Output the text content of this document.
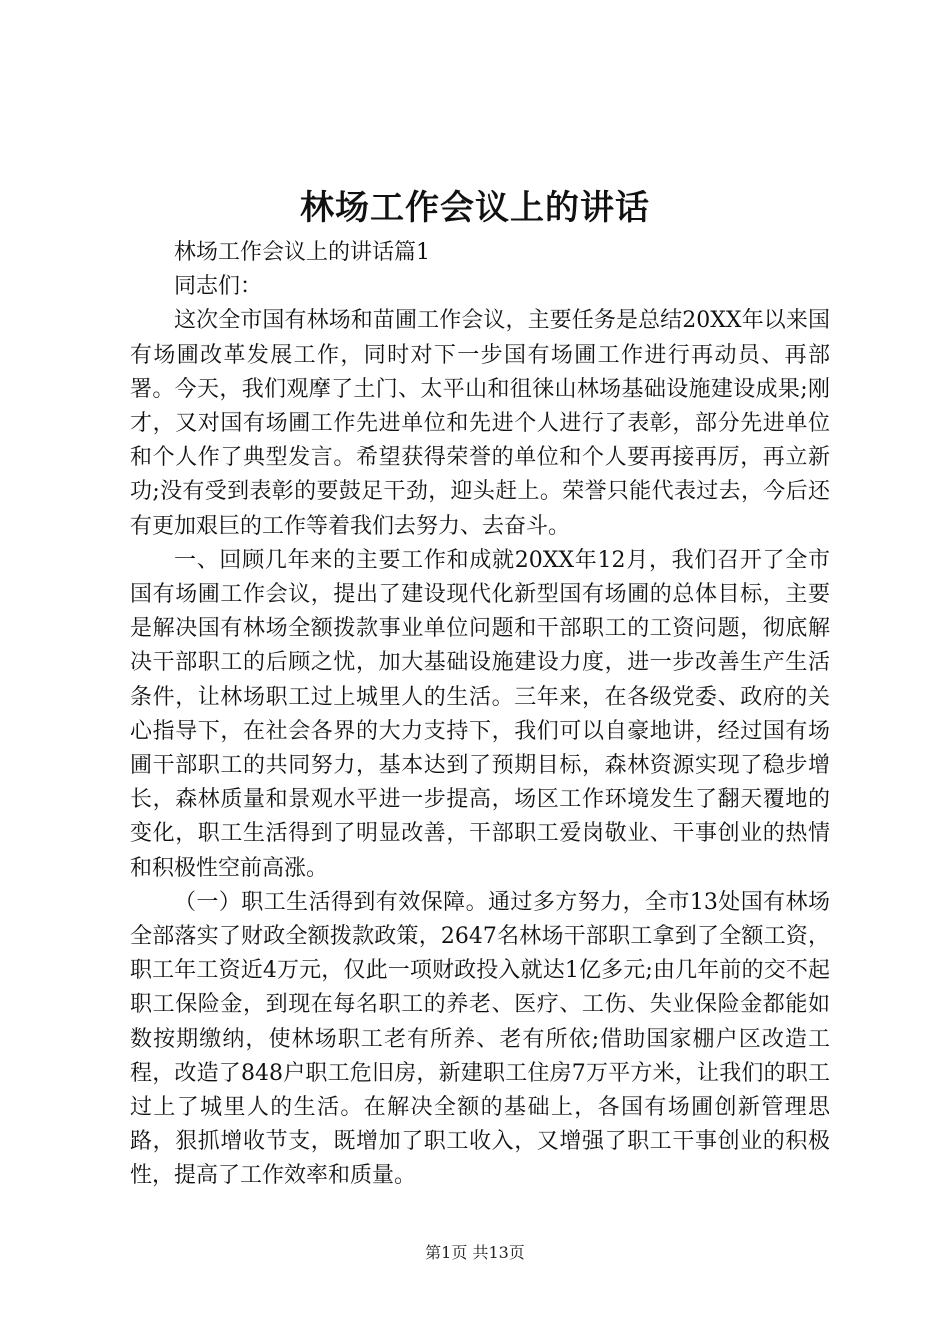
林场工作会议上的讲话

林场工作会议上的讲话篇1

同志们：

这次全市国有林场和苗圃工作会议，主要任务是总结20XX年以来国有场圃改革发展工作，同时对下一步国有场圃工作进行再动员、再部署。今天，我们观摩了土门、太平山和徂徕山林场基础设施建设成果;刚才，又对国有场圃工作先进单位和先进个人进行了表彰，部分先进单位和个人作了典型发言。希望获得荣誉的单位和个人要再接再厉，再立新功;没有受到表彰的要鼓足干劲，迎头赶上。荣誉只能代表过去，今后还有更加艰巨的工作等着我们去努力、去奋斗。

一、回顾几年来的主要工作和成就20XX年12月，我们召开了全市国有场圃工作会议，提出了建设现代化新型国有场圃的总体目标，主要是解决国有林场全额拨款事业单位问题和干部职工的工资问题，彻底解决干部职工的后顾之忧，加大基础设施建设力度，进一步改善生产生活条件，让林场职工过上城里人的生活。三年来，在各级党委、政府的关心指导下，在社会各界的大力支持下，我们可以自豪地讲，经过国有场圃干部职工的共同努力，基本达到了预期目标，森林资源实现了稳步增长，森林质量和景观水平进一步提高，场区工作环境发生了翻天覆地的变化，职工生活得到了明显改善，干部职工爱岗敬业、干事创业的热情和积极性空前高涨。

（一）职工生活得到有效保障。通过多方努力，全市13处国有林场全部落实了财政全额拨款政策，2647名林场干部职工拿到了全额工资，职工年工资近4万元，仅此一项财政投入就达1亿多元;由几年前的交不起职工保险金，到现在每名职工的养老、医疗、工伤、失业保险金都能如数按期缴纳，使林场职工老有所养、老有所依;借助国家棚户区改造工程，改造了848户职工危旧房，新建职工住房7万平方米，让我们的职工过上了城里人的生活。在解决全额的基础上，各国有场圃创新管理思路，狠抓增收节支，既增加了职工收入，又增强了职工干事创业的积极性，提高了工作效率和质量。

第1页 共13页
